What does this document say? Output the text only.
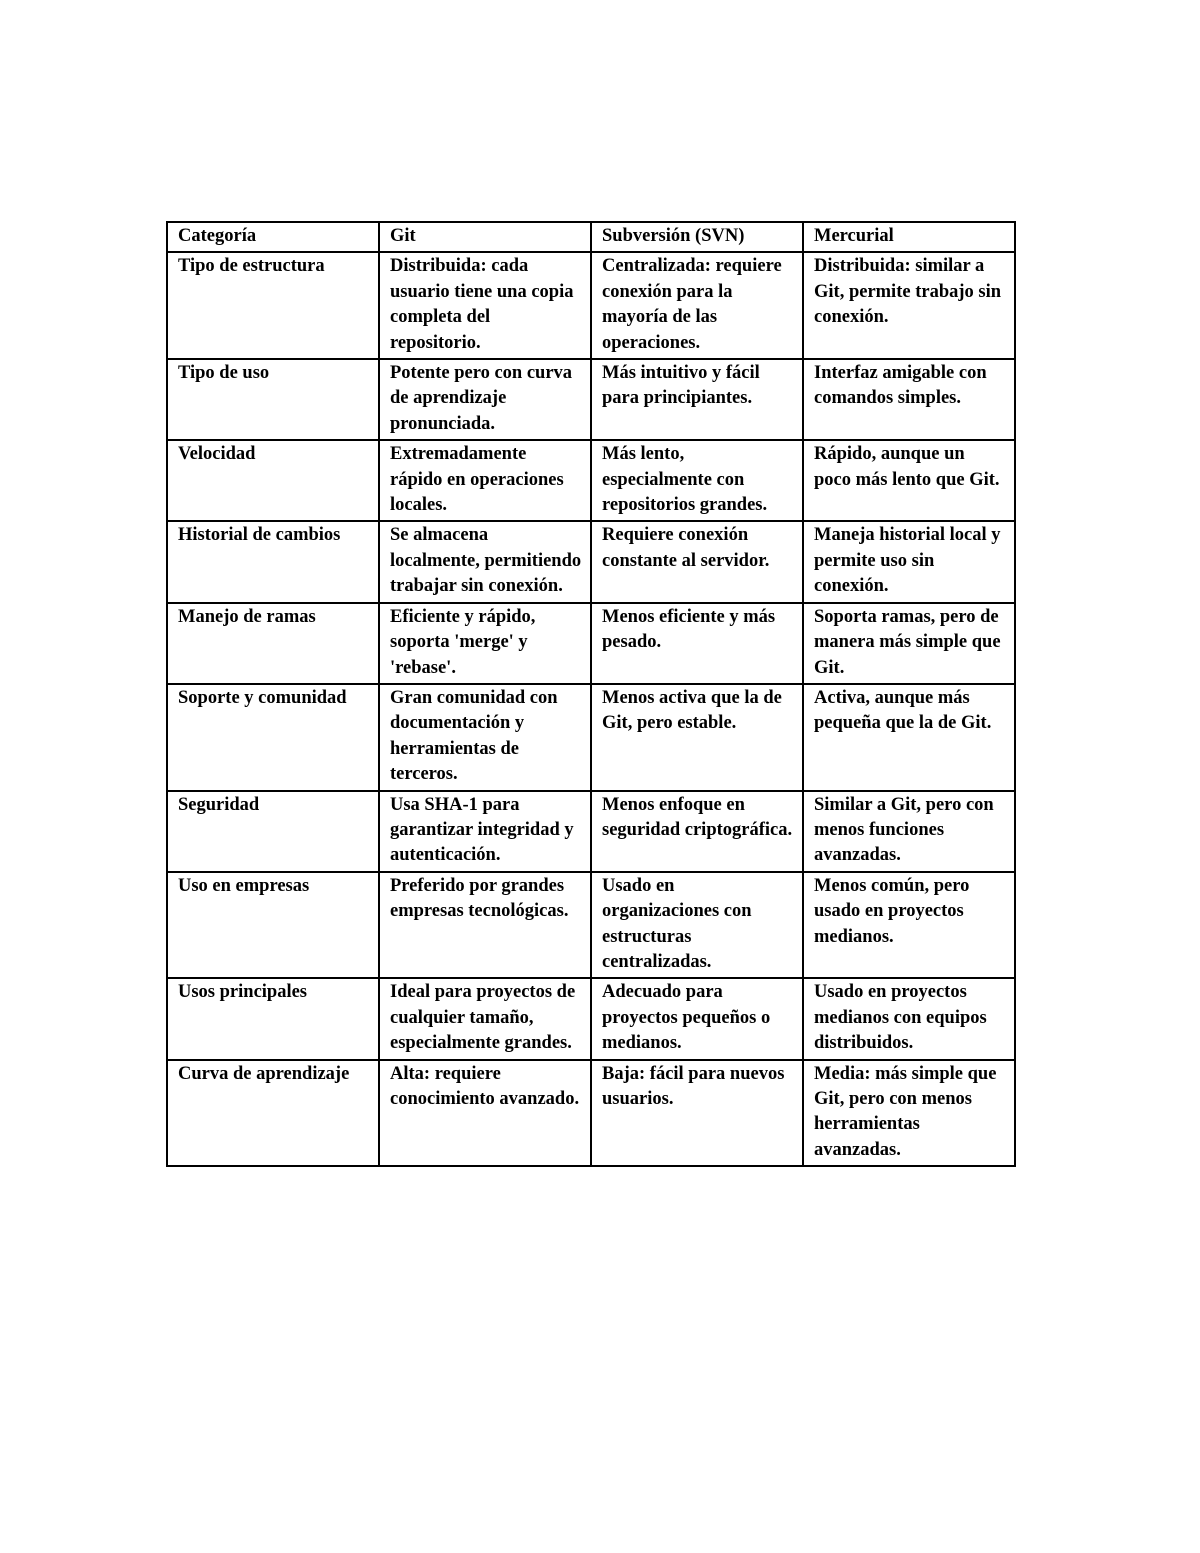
Categoría	Git	Subversión (SVN)	Mercurial
Tipo de estructura	Distribuida: cada usuario tiene una copia completa del repositorio.	Centralizada: requiere conexión para la mayoría de las operaciones.	Distribuida: similar a Git, permite trabajo sin conexión.
Tipo de uso	Potente pero con curva de aprendizaje pronunciada.	Más intuitivo y fácil para principiantes.	Interfaz amigable con comandos simples.
Velocidad	Extremadamente rápido en operaciones locales.	Más lento, especialmente con repositorios grandes.	Rápido, aunque un poco más lento que Git.
Historial de cambios	Se almacena localmente, permitiendo trabajar sin conexión.	Requiere conexión constante al servidor.	Maneja historial local y permite uso sin conexión.
Manejo de ramas	Eficiente y rápido, soporta 'merge' y 'rebase'.	Menos eficiente y más pesado.	Soporta ramas, pero de manera más simple que Git.
Soporte y comunidad	Gran comunidad con documentación y herramientas de terceros.	Menos activa que la de Git, pero estable.	Activa, aunque más pequeña que la de Git.
Seguridad	Usa SHA-1 para garantizar integridad y autenticación.	Menos enfoque en seguridad criptográfica.	Similar a Git, pero con menos funciones avanzadas.
Uso en empresas	Preferido por grandes empresas tecnológicas.	Usado en organizaciones con estructuras centralizadas.	Menos común, pero usado en proyectos medianos.
Usos principales	Ideal para proyectos de cualquier tamaño, especialmente grandes.	Adecuado para proyectos pequeños o medianos.	Usado en proyectos medianos con equipos distribuidos.
Curva de aprendizaje	Alta: requiere conocimiento avanzado.	Baja: fácil para nuevos usuarios.	Media: más simple que Git, pero con menos herramientas avanzadas.
